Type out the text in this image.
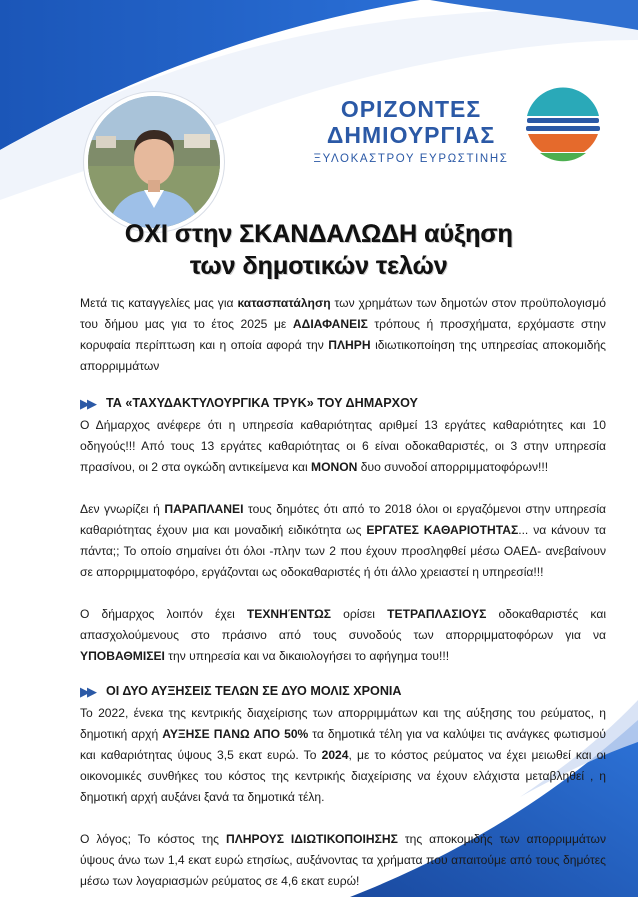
ΟΡΙΖΟΝΤΕΣ
ΔΗΜΙΟΥΡΓΙΑΣ
ΞΥΛΟΚΑΣΤΡΟΥ ΕΥΡΩΣΤΙΝΗΣ
ΟΧΙ στην ΣΚΑΝΔΑΛΩΔΗ αύξηση
των δημοτικών τελών

Μετά τις καταγγελίες μας για κατασπατάληση των χρημάτων των δημοτών στον προϋπολογισμό του δήμου μας για το έτος 2025 με ΑΔΙΑΦΑΝΕΙΣ τρόπους ή προσχήματα, ερχόμαστε στην κορυφαία περίπτωση και η οποία αφορά την ΠΛΗΡΗ ιδιωτικοποίηση της υπηρεσίας αποκομιδής απορριμμάτων

▶▶ ΤΑ «ΤΑΧΥΔΑΚΤΥΛΟΥΡΓΙΚΑ ΤΡΥΚ» ΤΟΥ ΔΗΜΑΡΧΟΥ

Ο Δήμαρχος ανέφερε ότι η υπηρεσία καθαριότητας αριθμεί 13 εργάτες καθαριότητες και 10 οδηγούς!!! Από τους 13 εργάτες καθαριότητας οι 6 είναι οδοκαθαριστές, οι 3 στην υπηρεσία πρασίνου, οι 2 στα ογκώδη αντικείμενα και ΜΟΝΟΝ δυο συνοδοί απορριμματοφόρων!!!

Δεν γνωρίζει ή ΠΑΡΑΠΛΑΝΕΙ τους δημότες ότι από το 2018 όλοι οι εργαζόμενοι στην υπηρεσία καθαριότητας έχουν μια και μοναδική ειδικότητα ως ΕΡΓΑΤΕΣ ΚΑΘΑΡΙΟΤΗΤΑΣ... να κάνουν τα πάντα;; Το οποίο σημαίνει ότι όλοι -πλην των 2 που έχουν προσληφθεί μέσω ΟΑΕΔ- ανεβαίνουν σε απορριμματοφόρο, εργάζονται ως οδοκαθαριστές ή ότι άλλο χρειαστεί η υπηρεσία!!!

Ο δήμαρχος λοιπόν έχει ΤΕΧΝΗΈΝΤΩΣ ορίσει ΤΕΤΡΑΠΛΑΣΙΟΥΣ οδοκαθαριστές και απασχολούμενους στο πράσινο από τους συνοδούς των απορριμματοφόρων για να ΥΠΟΒΑΘΜΙΣΕΙ την υπηρεσία και να δικαιολογήσει το αφήγημα του!!!

▶▶ ΟΙ ΔΥΟ ΑΥΞΗΣΕΙΣ ΤΕΛΩΝ ΣΕ ΔΥΟ ΜΟΛΙΣ ΧΡΟΝΙΑ

Το 2022, ένεκα της κεντρικής διαχείρισης των απορριμμάτων και της αύξησης του ρεύματος, η δημοτική αρχή ΑΥΞΗΣΕ ΠΑΝΩ ΑΠΟ 50% τα δημοτικά τέλη για να καλύψει τις ανάγκες φωτισμού και καθαριότητας ύψους 3,5 εκατ ευρώ. Το 2024, με το κόστος ρεύματος να έχει μειωθεί και οι οικονομικές συνθήκες του κόστος της κεντρικής διαχείρισης να έχουν ελάχιστα μεταβληθεί , η δημοτική αρχή αυξάνει ξανά τα δημοτικά τέλη.

Ο λόγος; Το κόστος της ΠΛΗΡΟΥΣ ΙΔΙΩΤΙΚΟΠΟΙΗΣΗΣ της αποκομιδής των απορριμμάτων ύψους άνω των 1,4 εκατ ευρώ ετησίως, αυξάνοντας τα χρήματα που απαιτούμε από τους δημότες μέσω των λογαριασμών ρεύματος σε 4,6 εκατ ευρώ!
